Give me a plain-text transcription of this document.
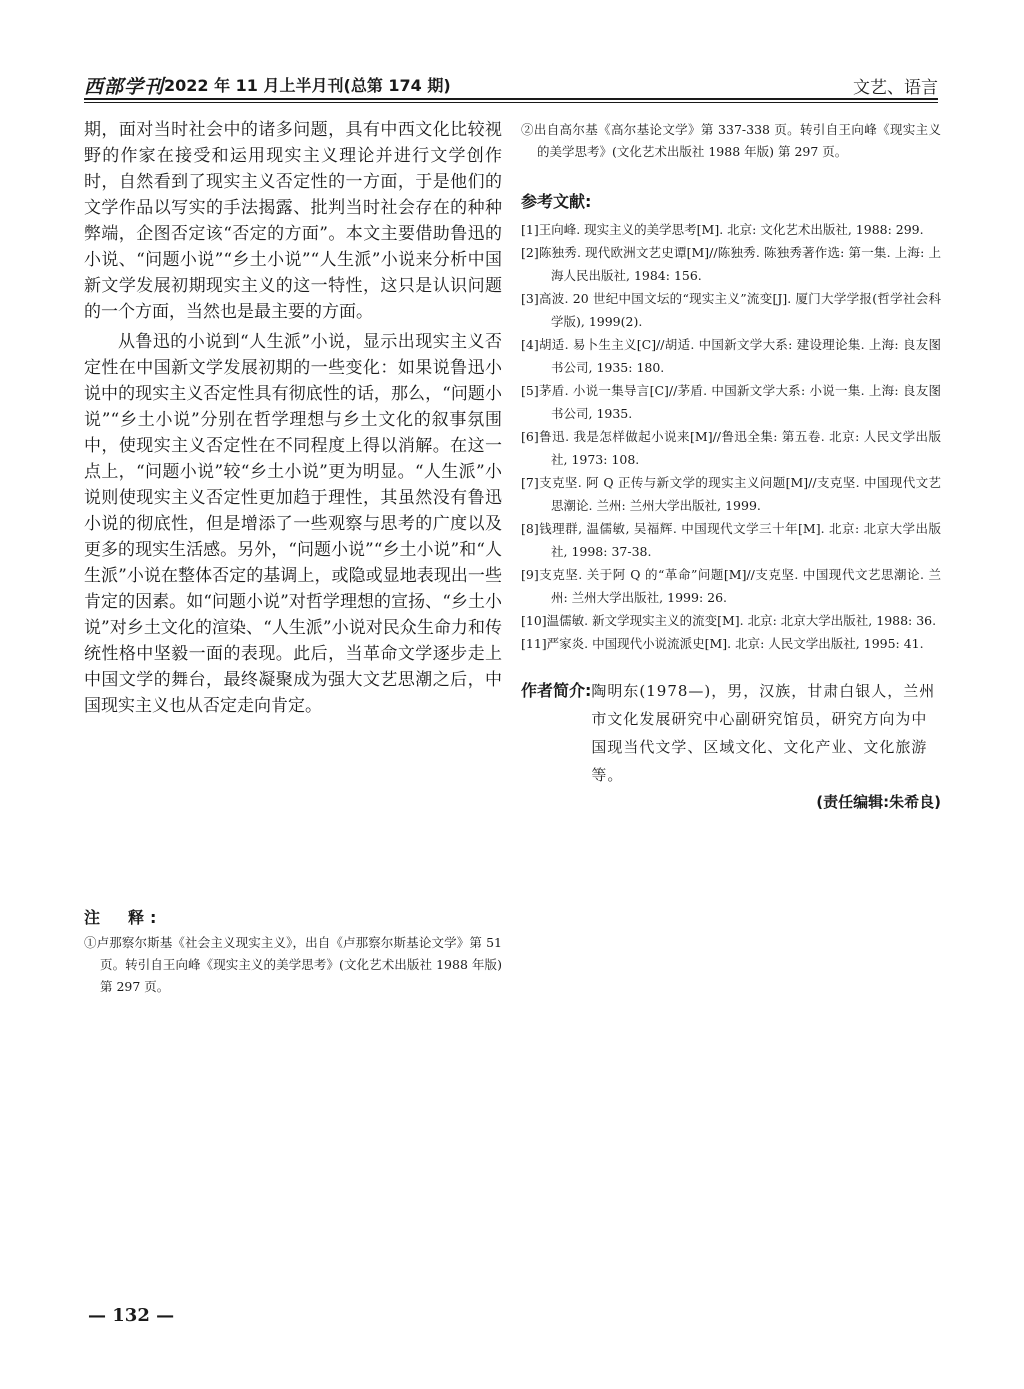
西部学刊 2022 年 11 月上半月刊(总第 174 期)	文艺、语言

期，面对当时社会中的诸多问题，具有中西文化比较视野的作家在接受和运用现实主义理论并进行文学创作时，自然看到了现实主义否定性的一方面，于是他们的文学作品以写实的手法揭露、批判当时社会存在的种种弊端，企图否定该“否定的方面”。本文主要借助鲁迅的小说、“问题小说”“乡土小说”“人生派”小说来分析中国新文学发展初期现实主义的这一特性，这只是认识问题的一个方面，当然也是最主要的方面。

从鲁迅的小说到“人生派”小说，显示出现实主义否定性在中国新文学发展初期的一些变化：如果说鲁迅小说中的现实主义否定性具有彻底性的话，那么，“问题小说”“乡土小说”分别在哲学理想与乡土文化的叙事氛围中，使现实主义否定性在不同程度上得以消解。在这一点上，“问题小说”较“乡土小说”更为明显。“人生派”小说则使现实主义否定性更加趋于理性，其虽然没有鲁迅小说的彻底性，但是增添了一些观察与思考的广度以及更多的现实生活感。另外，“问题小说”“乡土小说”和“人生派”小说在整体否定的基调上，或隐或显地表现出一些肯定的因素。如“问题小说”对哲学理想的宣扬、“乡土小说”对乡土文化的渲染、“人生派”小说对民众生命力和传统性格中坚毅一面的表现。此后，当革命文学逐步走上中国文学的舞台，最终凝聚成为强大文艺思潮之后，中国现实主义也从否定走向肯定。

注　释:

①卢那察尔斯基《社会主义现实主义》，出自《卢那察尔斯基论文学》第 51 页。转引自王向峰《现实主义的美学思考》(文化艺术出版社 1988 年版) 第 297 页。

②出自高尔基《高尔基论文学》第 337-338 页。转引自王向峰《现实主义的美学思考》(文化艺术出版社 1988 年版) 第 297 页。

参考文献:

[1]王向峰. 现实主义的美学思考[M]. 北京: 文化艺术出版社, 1988: 299.

[2]陈独秀. 现代欧洲文艺史谭[M]//陈独秀. 陈独秀著作选: 第一集. 上海: 上海人民出版社, 1984: 156.

[3]高波. 20 世纪中国文坛的“现实主义”流变[J]. 厦门大学学报(哲学社会科学版), 1999(2).

[4]胡适. 易卜生主义[C]//胡适. 中国新文学大系: 建设理论集. 上海: 良友图书公司, 1935: 180.

[5]茅盾. 小说一集导言[C]//茅盾. 中国新文学大系: 小说一集. 上海: 良友图书公司, 1935.

[6]鲁迅. 我是怎样做起小说来[M]//鲁迅全集: 第五卷. 北京: 人民文学出版社, 1973: 108.

[7]支克坚. 阿 Q 正传与新文学的现实主义问题[M]//支克坚. 中国现代文艺思潮论. 兰州: 兰州大学出版社, 1999.

[8]钱理群, 温儒敏, 吴福辉. 中国现代文学三十年[M]. 北京: 北京大学出版社, 1998: 37-38.

[9]支克坚. 关于阿 Q 的“革命”问题[M]//支克坚. 中国现代文艺思潮论. 兰州: 兰州大学出版社, 1999: 26.

[10]温儒敏. 新文学现实主义的流变[M]. 北京: 北京大学出版社, 1988: 36.

[11]严家炎. 中国现代小说流派史[M]. 北京: 人民文学出版社, 1995: 41.

作者简介: 陶明东(1978—)，男，汉族，甘肃白银人，兰州市文化发展研究中心副研究馆员，研究方向为中国现当代文学、区域文化、文化产业、文化旅游等。
(责任编辑:朱希良)
— 132 —
